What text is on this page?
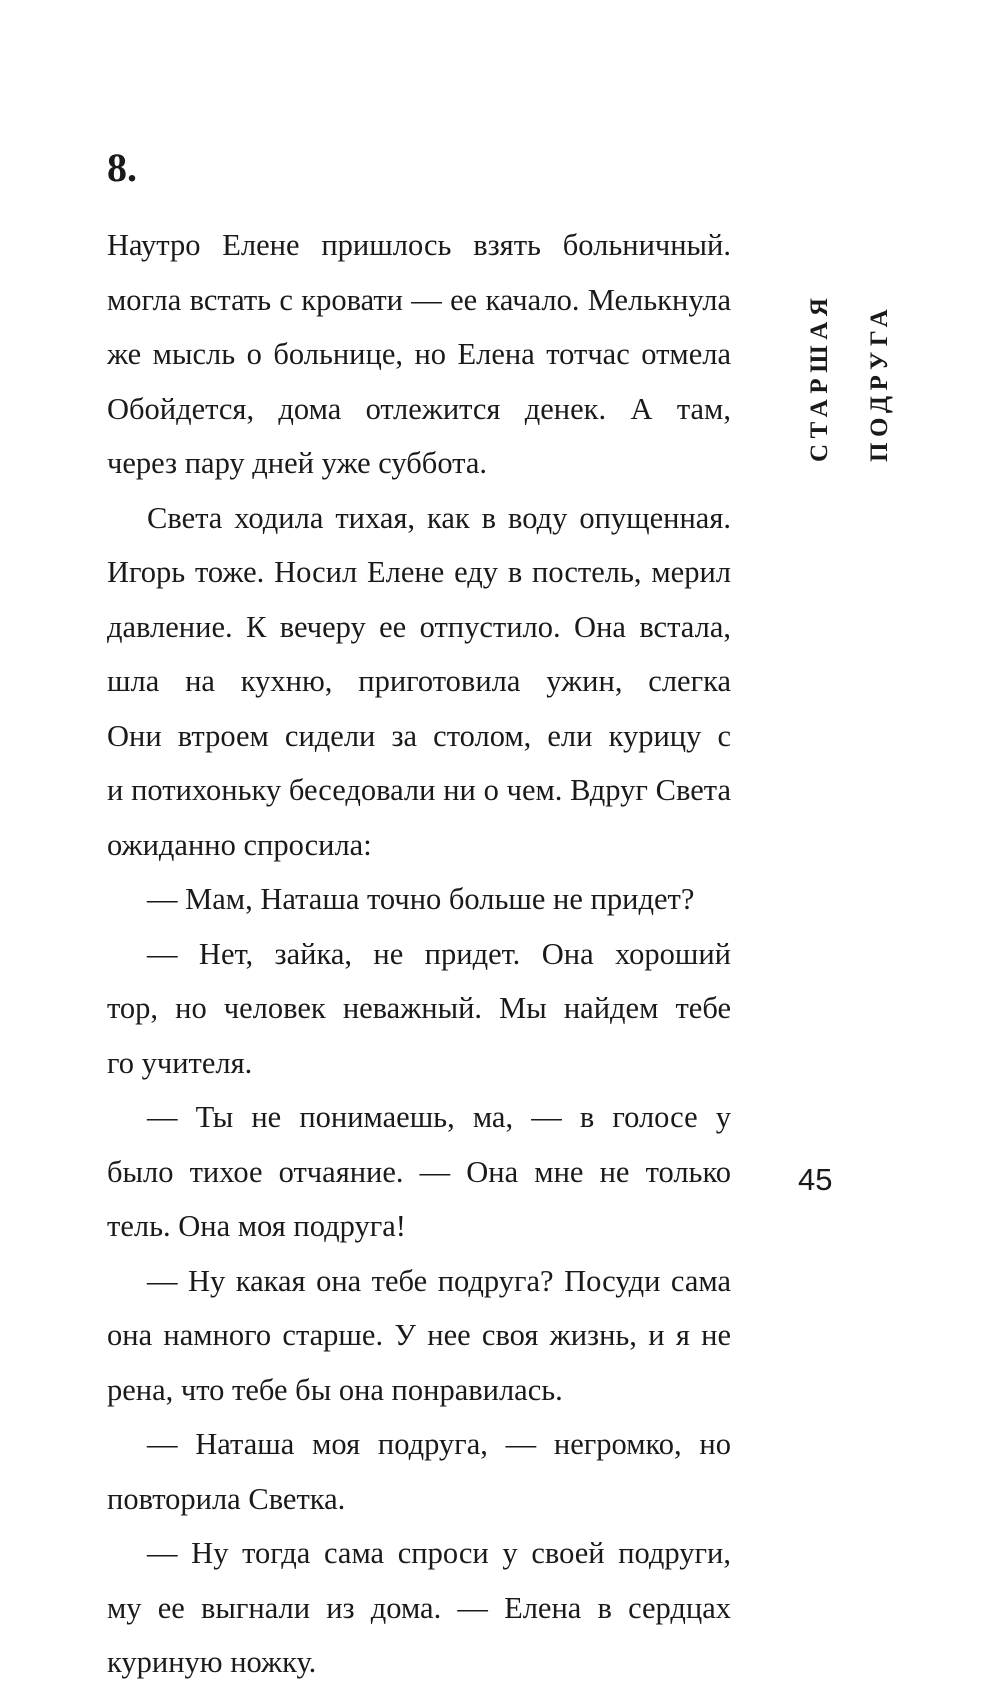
8.
Наутро Елене пришлось взять больничный.
могла встать с кровати — ее качало. Мелькнула
же мысль о больнице, но Елена тотчас отмела
Обойдется, дома отлежится денек. А там,
через пару дней уже суббота.
Света ходила тихая, как в воду опущенная.
Игорь тоже. Носил Елене еду в постель, мерил
давление. К вечеру ее отпустило. Она встала,
шла на кухню, приготовила ужин, слегка
Они втроем сидели за столом, ели курицу с
и потихоньку беседовали ни о чем. Вдруг Света
ожиданно спросила:
— Мам, Наташа точно больше не придет?
— Нет, зайка, не придет. Она хороший
тор, но человек неважный. Мы найдем тебе
го учителя.
— Ты не понимаешь, ма, — в голосе у
было тихое отчаяние. — Она мне не только
тель. Она моя подруга!
— Ну какая она тебе подруга? Посуди сама
она намного старше. У нее своя жизнь, и я не
рена, что тебе бы она понравилась.
— Наташа моя подруга, — негромко, но
повторила Светка.
— Ну тогда сама спроси у своей подруги,
му ее выгнали из дома. — Елена в сердцах
куриную ножку.
СТАРШАЯ ПОДРУГА
45
